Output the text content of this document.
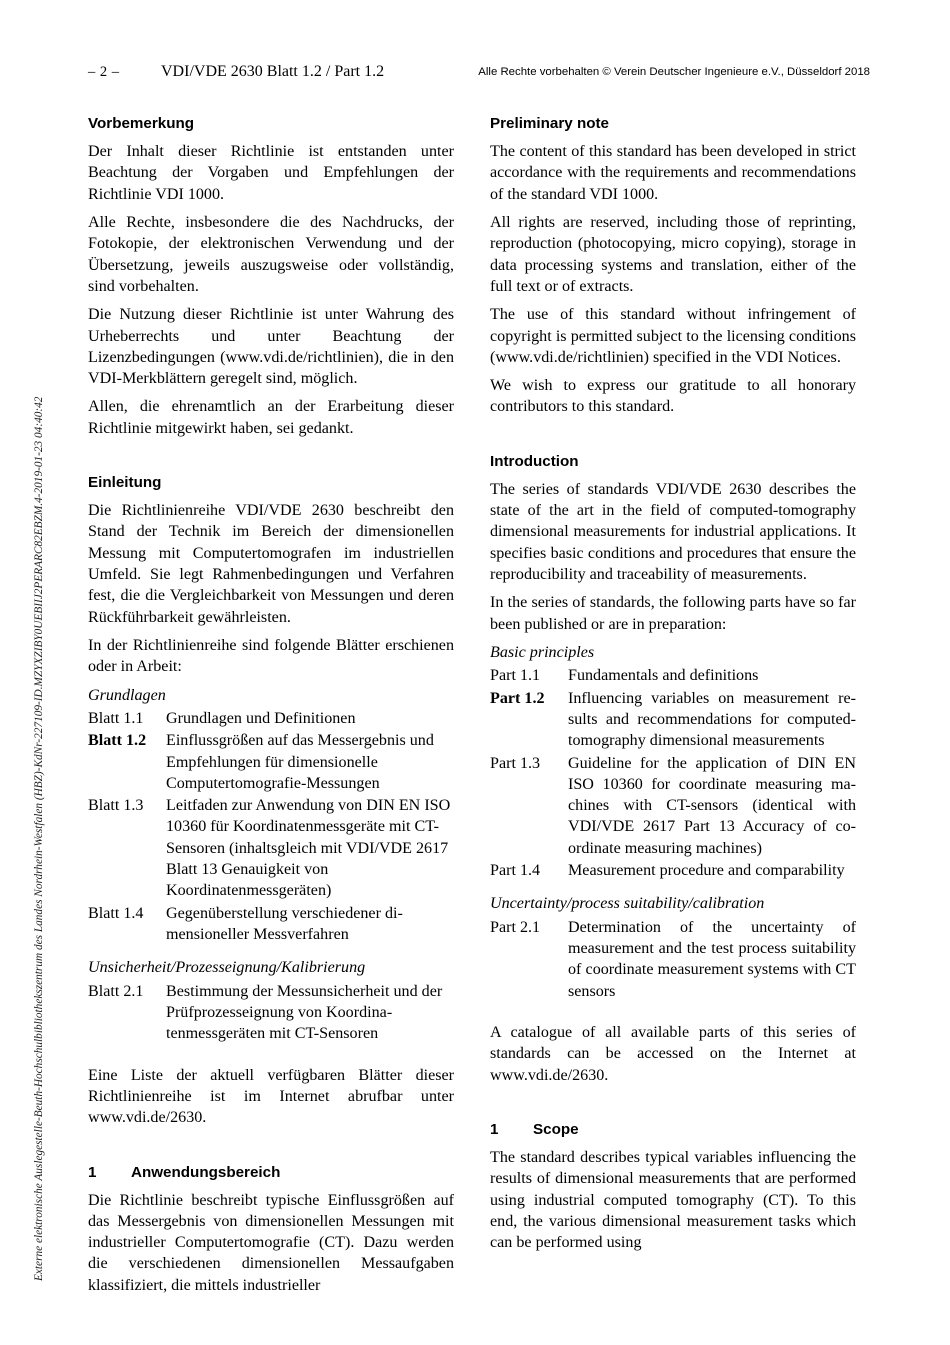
– 2 –	VDI/VDE 2630 Blatt 1.2 / Part 1.2	Alle Rechte vorbehalten © Verein Deutscher Ingenieure e.V., Düsseldorf 2018
Externe elektronische Auslegestelle-Beuth-Hochschulbibliothekszentrum des Landes Nordrhein-Westfalen (HBZ)-KdNr-227109-ID.MZYXZIBY0UEBIIJ2PERARC82EBZM.4-2019-01-23 04:40:42
Vorbemerkung

Der Inhalt dieser Richtlinie ist entstanden unter Beachtung der Vorgaben und Empfehlungen der Richtlinie VDI 1000.

Alle Rechte, insbesondere die des Nachdrucks, der Fotokopie, der elektronischen Verwendung und der Übersetzung, jeweils auszugsweise oder vollständig, sind vorbehalten.

Die Nutzung dieser Richtlinie ist unter Wahrung des Urheberrechts und unter Beachtung der Lizenzbedingungen (www.vdi.de/richtlinien), die in den VDI-Merkblättern geregelt sind, möglich.

Allen, die ehrenamtlich an der Erarbeitung dieser Richtlinie mitgewirkt haben, sei gedankt.

Einleitung

Die Richtlinienreihe VDI/VDE 2630 beschreibt den Stand der Technik im Bereich der dimensionellen Messung mit Computertomografen im industriellen Umfeld. Sie legt Rahmenbedingungen und Verfahren fest, die die Vergleichbarkeit von Messungen und deren Rückführbarkeit gewährleisten.

In der Richtlinienreihe sind folgende Blätter erschienen oder in Arbeit:

Grundlagen
Blatt 1.1	Grundlagen und Definitionen
Blatt 1.2	Einflussgrößen auf das Messergebnis und Empfehlungen für dimensionelle Computertomografie-Messungen
Blatt 1.3	Leitfaden zur Anwendung von DIN EN ISO 10360 für Koordinatenmessgeräte mit CT-Sensoren (inhaltsgleich mit VDI/VDE 2617 Blatt 13 Genauigkeit von Koordinatenmessgeräten)
Blatt 1.4	Gegenüberstellung verschiedener dimensioneller Messverfahren
Unsicherheit/Prozesseignung/Kalibrierung
Blatt 2.1	Bestimmung der Messunsicherheit und der Prüfprozesseignung von Koordinatenmessgeräten mit CT-Sensoren

Eine Liste der aktuell verfügbaren Blätter dieser Richtlinienreihe ist im Internet abrufbar unter www.vdi.de/2630.

1 Anwendungsbereich

Die Richtlinie beschreibt typische Einflussgrößen auf das Messergebnis von dimensionellen Messungen mit industrieller Computertomografie (CT). Dazu werden die verschiedenen dimensionellen Messaufgaben klassifiziert, die mittels industrieller

Preliminary note

The content of this standard has been developed in strict accordance with the requirements and recommendations of the standard VDI 1000.

All rights are reserved, including those of reprinting, reproduction (photocopying, micro copying), storage in data processing systems and translation, either of the full text or of extracts.

The use of this standard without infringement of copyright is permitted subject to the licensing conditions (www.vdi.de/richtlinien) specified in the VDI Notices.

We wish to express our gratitude to all honorary contributors to this standard.

Introduction

The series of standards VDI/VDE 2630 describes the state of the art in the field of computed-tomography dimensional measurements for industrial applications. It specifies basic conditions and procedures that ensure the reproducibility and traceability of measurements.

In the series of standards, the following parts have so far been published or are in preparation:

Basic principles
Part 1.1	Fundamentals and definitions
Part 1.2	Influencing variables on measurement results and recommendations for computed-tomography dimensional measurements
Part 1.3	Guideline for the application of DIN EN ISO 10360 for coordinate measuring machines with CT-sensors (identical with VDI/VDE 2617 Part 13 Accuracy of coordinate measuring machines)
Part 1.4	Measurement procedure and comparability
Uncertainty/process suitability/calibration
Part 2.1	Determination of the uncertainty of measurement and the test process suitability of coordinate measurement systems with CT sensors

A catalogue of all available parts of this series of standards can be accessed on the Internet at www.vdi.de/2630.

1 Scope

The standard describes typical variables influencing the results of dimensional measurements that are performed using industrial computed tomography (CT). To this end, the various dimensional measurement tasks which can be performed using
